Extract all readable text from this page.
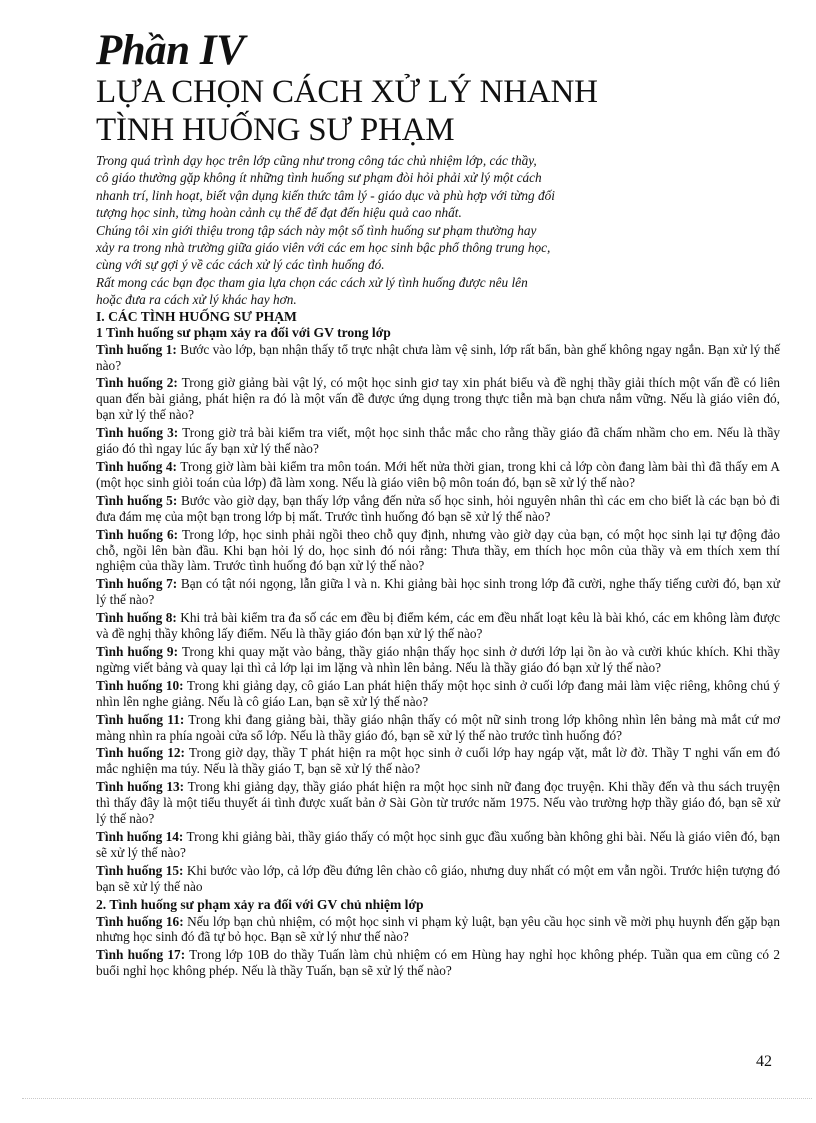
Phần IV
LỰA CHỌN CÁCH XỬ LÝ NHANH
TÌNH HUỐNG SƯ PHẠM
Trong quá trình dạy học trên lớp cũng như trong công tác chủ nhiệm lớp, các thầy,
cô giáo thường gặp không ít những tình huống sư phạm đòi hỏi phải xử lý một cách
nhanh trí, linh hoạt, biết vận dụng kiến thức tâm lý - giáo dục và phù hợp với từng đối
tượng học sinh, từng hoàn cảnh cụ thể để đạt đến hiệu quả cao nhất.
Chúng tôi xin giới thiệu trong tập sách này một số tình huống sư phạm thường hay
xảy ra trong nhà trường giữa giáo viên với các em học sinh bậc phổ thông trung học,
cùng với sự gợi ý về các cách xử lý các tình huống đó.
Rất mong các bạn đọc tham gia lựa chọn các cách xử lý tình huống được nêu lên
hoặc đưa ra cách xử lý khác hay hơn.
I. CÁC TÌNH HUỐNG SƯ PHẠM
1 Tình huống sư phạm xảy ra đối với GV trong lớp

Tình huống 1: Bước vào lớp, bạn nhận thấy tổ trực nhật chưa làm vệ sinh, lớp rất bẩn, bàn ghế không ngay ngắn. Bạn xử lý thế nào?

Tình huống 2: Trong giờ giảng bài vật lý, có một học sinh giơ tay xin phát biểu và đề nghị thầy giải thích một vấn đề có liên quan đến bài giảng, phát hiện ra đó là một vấn đề được ứng dụng trong thực tiễn mà bạn chưa nắm vững. Nếu là giáo viên đó, bạn xử lý thế nào?

Tình huống 3: Trong giờ trả bài kiểm tra viết, một học sinh thắc mắc cho rằng thầy giáo đã chấm nhầm cho em. Nếu là thầy giáo đó thì ngay lúc ấy bạn xử lý thế nào?

Tình huống 4: Trong giờ làm bài kiểm tra môn toán. Mới hết nửa thời gian, trong khi cả lớp còn đang làm bài thì đã thấy em A (một học sinh giỏi toán của lớp) đã làm xong. Nếu là giáo viên bộ môn toán đó, bạn sẽ xử lý thế nào?

Tình huống 5: Bước vào giờ dạy, bạn thấy lớp vắng đến nửa số học sinh, hỏi nguyên nhân thì các em cho biết là các bạn bỏ đi đưa đám mẹ của một bạn trong lớp bị mất. Trước tình huống đó bạn sẽ xử lý thế nào?

Tình huống 6: Trong lớp, học sinh phải ngồi theo chỗ quy định, nhưng vào giờ dạy của bạn, có một học sinh lại tự động đảo chỗ, ngồi lên bàn đầu. Khi bạn hỏi lý do, học sinh đó nói rằng: Thưa thầy, em thích học môn của thầy và em thích xem thí nghiệm của thầy làm. Trước tình huống đó bạn xử lý thế nào?

Tình huống 7: Bạn có tật nói ngọng, lẫn giữa l và n. Khi giảng bài học sinh trong lớp đã cười, nghe thấy tiếng cười đó, bạn xử lý thế nào?

Tình huống 8: Khi trả bài kiểm tra đa số các em đều bị điểm kém, các em đều nhất loạt kêu là bài khó, các em không làm được và đề nghị thầy không lấy điểm. Nếu là thầy giáo đón bạn xử lý thế nào?

Tình huống 9: Trong khi quay mặt vào bảng, thầy giáo nhận thấy học sinh ở dưới lớp lại ồn ào và cười khúc khích. Khi thầy ngừng viết bảng và quay lại thì cả lớp lại im lặng và nhìn lên bảng. Nếu là thầy giáo đó bạn xử lý thế nào?

Tình huống 10: Trong khi giảng dạy, cô giáo Lan phát hiện thấy một học sinh ở cuối lớp đang mải làm việc riêng, không chú ý nhìn lên nghe giảng. Nếu là cô giáo Lan, bạn sẽ xử lý thế nào?

Tình huống 11: Trong khi đang giảng bài, thầy giáo nhận thấy có một nữ sinh trong lớp không nhìn lên bảng mà mắt cứ mơ màng nhìn ra phía ngoài cửa sổ lớp. Nếu là thầy giáo đó, bạn sẽ xử lý thế nào trước tình huống đó?

Tình huống 12: Trong giờ dạy, thầy T phát hiện ra một học sinh ở cuối lớp hay ngáp vặt, mắt lờ đờ. Thầy T nghi vấn em đó mắc nghiện ma túy. Nếu là thầy giáo T, bạn sẽ xử lý thế nào?

Tình huống 13: Trong khi giảng dạy, thầy giáo phát hiện ra một học sinh nữ đang đọc truyện. Khi thầy đến và thu sách truyện thì thấy đây là một tiểu thuyết ái tình được xuất bản ở Sài Gòn từ trước năm 1975. Nếu vào trường hợp thầy giáo đó, bạn sẽ xử lý thế nào?

Tình huống 14: Trong khi giảng bài, thầy giáo thấy có một học sinh gục đầu xuống bàn không ghi bài. Nếu là giáo viên đó, bạn sẽ xử lý thế nào?

Tình huống 15: Khi bước vào lớp, cả lớp đều đứng lên chào cô giáo, nhưng duy nhất có một em vẫn ngồi. Trước hiện tượng đó bạn sẽ xử lý thế nào

2. Tình huống sư phạm xảy ra đối với GV chủ nhiệm lớp

Tình huống 16: Nếu lớp bạn chủ nhiệm, có một học sinh vi phạm kỷ luật, bạn yêu cầu học sinh về mời phụ huynh đến gặp bạn nhưng học sinh đó đã tự bỏ học. Bạn sẽ xử lý như thế nào?

Tình huống 17: Trong lớp 10B do thầy Tuấn làm chủ nhiệm có em Hùng hay nghỉ học không phép. Tuần qua em cũng có 2 buổi nghỉ học không phép. Nếu là thầy Tuấn, bạn sẽ xử lý thế nào?

42
